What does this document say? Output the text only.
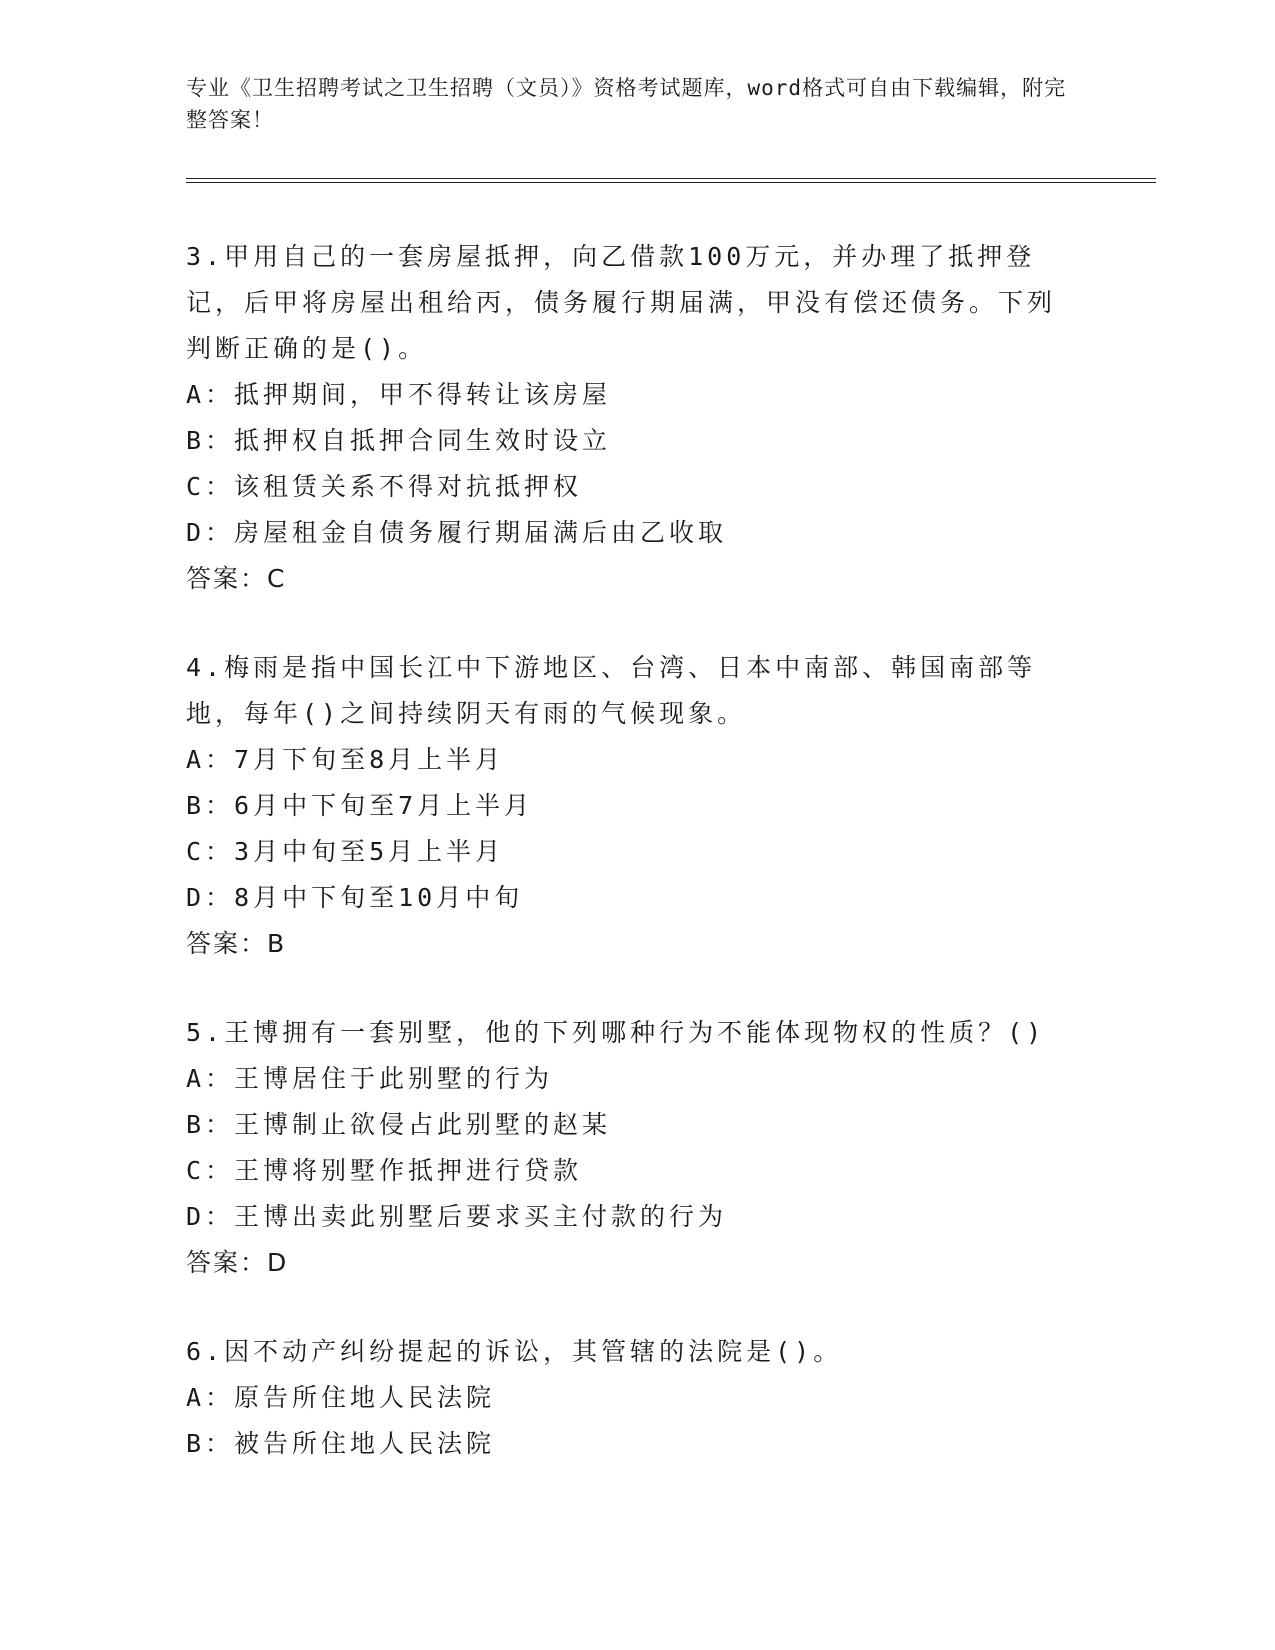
专业《卫生招聘考试之卫生招聘（文员）》资格考试题库，word格式可自由下载编辑，附完整答案！

3.甲用自己的一套房屋抵押，向乙借款100万元，并办理了抵押登记，后甲将房屋出租给丙，债务履行期届满，甲没有偿还债务。下列判断正确的是()。

A：抵押期间，甲不得转让该房屋

B：抵押权自抵押合同生效时设立

C：该租赁关系不得对抗抵押权

D：房屋租金自债务履行期届满后由乙收取

答案：C

4.梅雨是指中国长江中下游地区、台湾、日本中南部、韩国南部等地，每年()之间持续阴天有雨的气候现象。

A：7月下旬至8月上半月

B：6月中下旬至7月上半月

C：3月中旬至5月上半月

D：8月中下旬至10月中旬

答案：B

5.王博拥有一套别墅，他的下列哪种行为不能体现物权的性质？()

A：王博居住于此别墅的行为

B：王博制止欲侵占此别墅的赵某

C：王博将别墅作抵押进行贷款

D：王博出卖此别墅后要求买主付款的行为

答案：D

6.因不动产纠纷提起的诉讼，其管辖的法院是()。

A：原告所住地人民法院

B：被告所住地人民法院
